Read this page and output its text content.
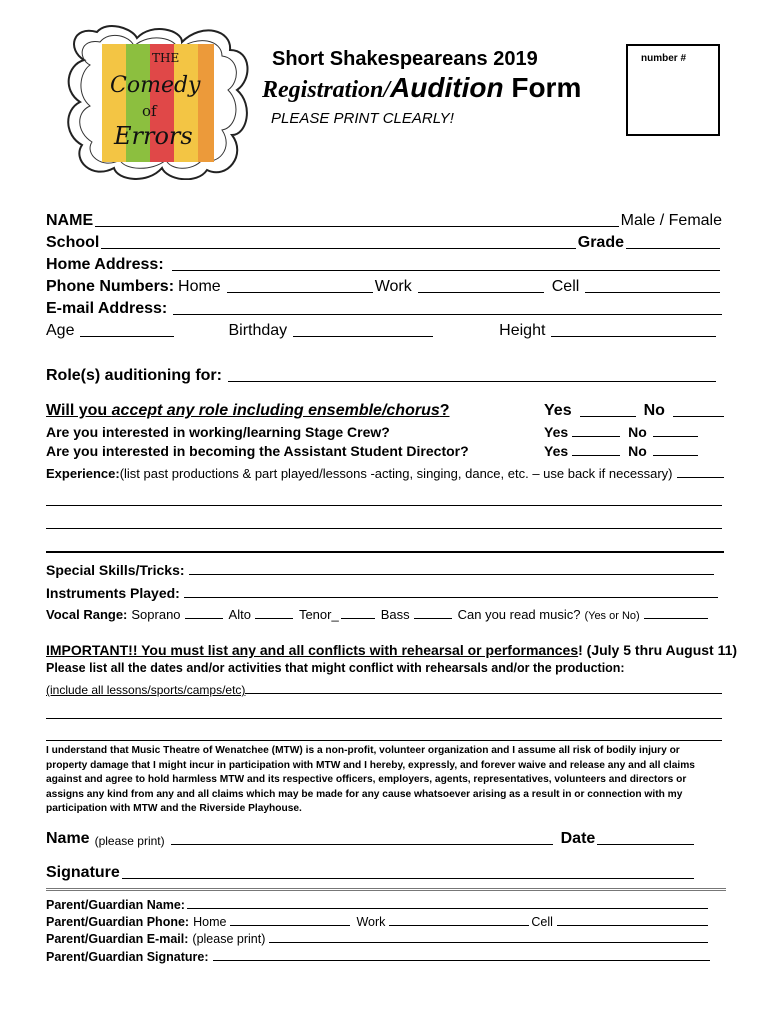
THE
Comedy
of
Errors
Short Shakespeareans 2019
Registration/Audition Form
PLEASE PRINT CLEARLY!
number #
NAME	Male / Female
School	Grade
Home Address:
Phone Numbers: Home	Work	Cell
E-mail Address:
Age	Birthday	Height
Role(s) auditioning for:
Will you accept any role including ensemble/chorus?	Yes	No
Are you interested in working/learning Stage Crew?	Yes	No
Are you interested in becoming the Assistant Student Director?	Yes	No
Experience: (list past productions & part played/lessons -acting, singing, dance, etc. – use back if necessary)
Special Skills/Tricks:
Instruments Played:
Vocal Range: Soprano	Alto	Tenor_	Bass	Can you read music? (Yes or No)
IMPORTANT!! You must list any and all conflicts with rehearsal or performances! (July 5 thru August 11)
Please list all the dates and/or activities that might conflict with rehearsals and/or the production:
(include all lessons/sports/camps/etc)
I understand that Music Theatre of Wenatchee (MTW) is a non-profit, volunteer organization and I assume all risk of bodily injury or property damage that I might incur in participation with MTW and I hereby, expressly, and forever waive and release any and all claims against and agree to hold harmless MTW and its respective officers, employers, agents, representatives, volunteers and directors or assigns any kind from any and all claims which may be made for any cause whatsoever arising as a result in or connection with my participation with MTW and the Riverside Playhouse.
Name (please print)	Date
Signature
Parent/Guardian Name:
Parent/Guardian Phone: Home	Work	Cell
Parent/Guardian E-mail: (please print)
Parent/Guardian Signature:
